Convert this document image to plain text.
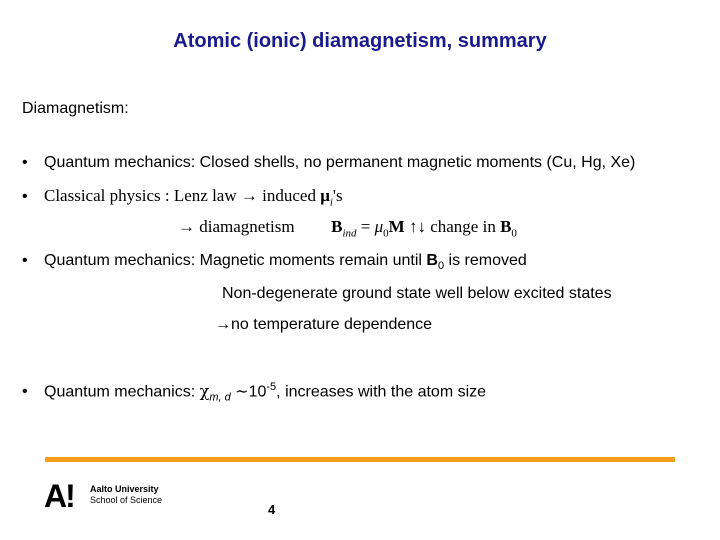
Atomic (ionic) diamagnetism, summary
Diamagnetism:
• Quantum mechanics: Closed shells, no permanent magnetic moments (Cu, Hg, Xe)
• Classical physics : Lenz law → induced $\mu_i's$
→ diamagnetism $B_{ind} = \mu_0M$ ↑↓ change in $B_0$
• Quantum mechanics: Magnetic moments remain until $B_0$ is removed
Non-degenerate ground state well below excited states
→no temperature dependence
• Quantum mechanics: $\chi_{m, d}$ $\sim 10^{-5}$, increases with the atom size
A! Aalto University
School of Science
4
